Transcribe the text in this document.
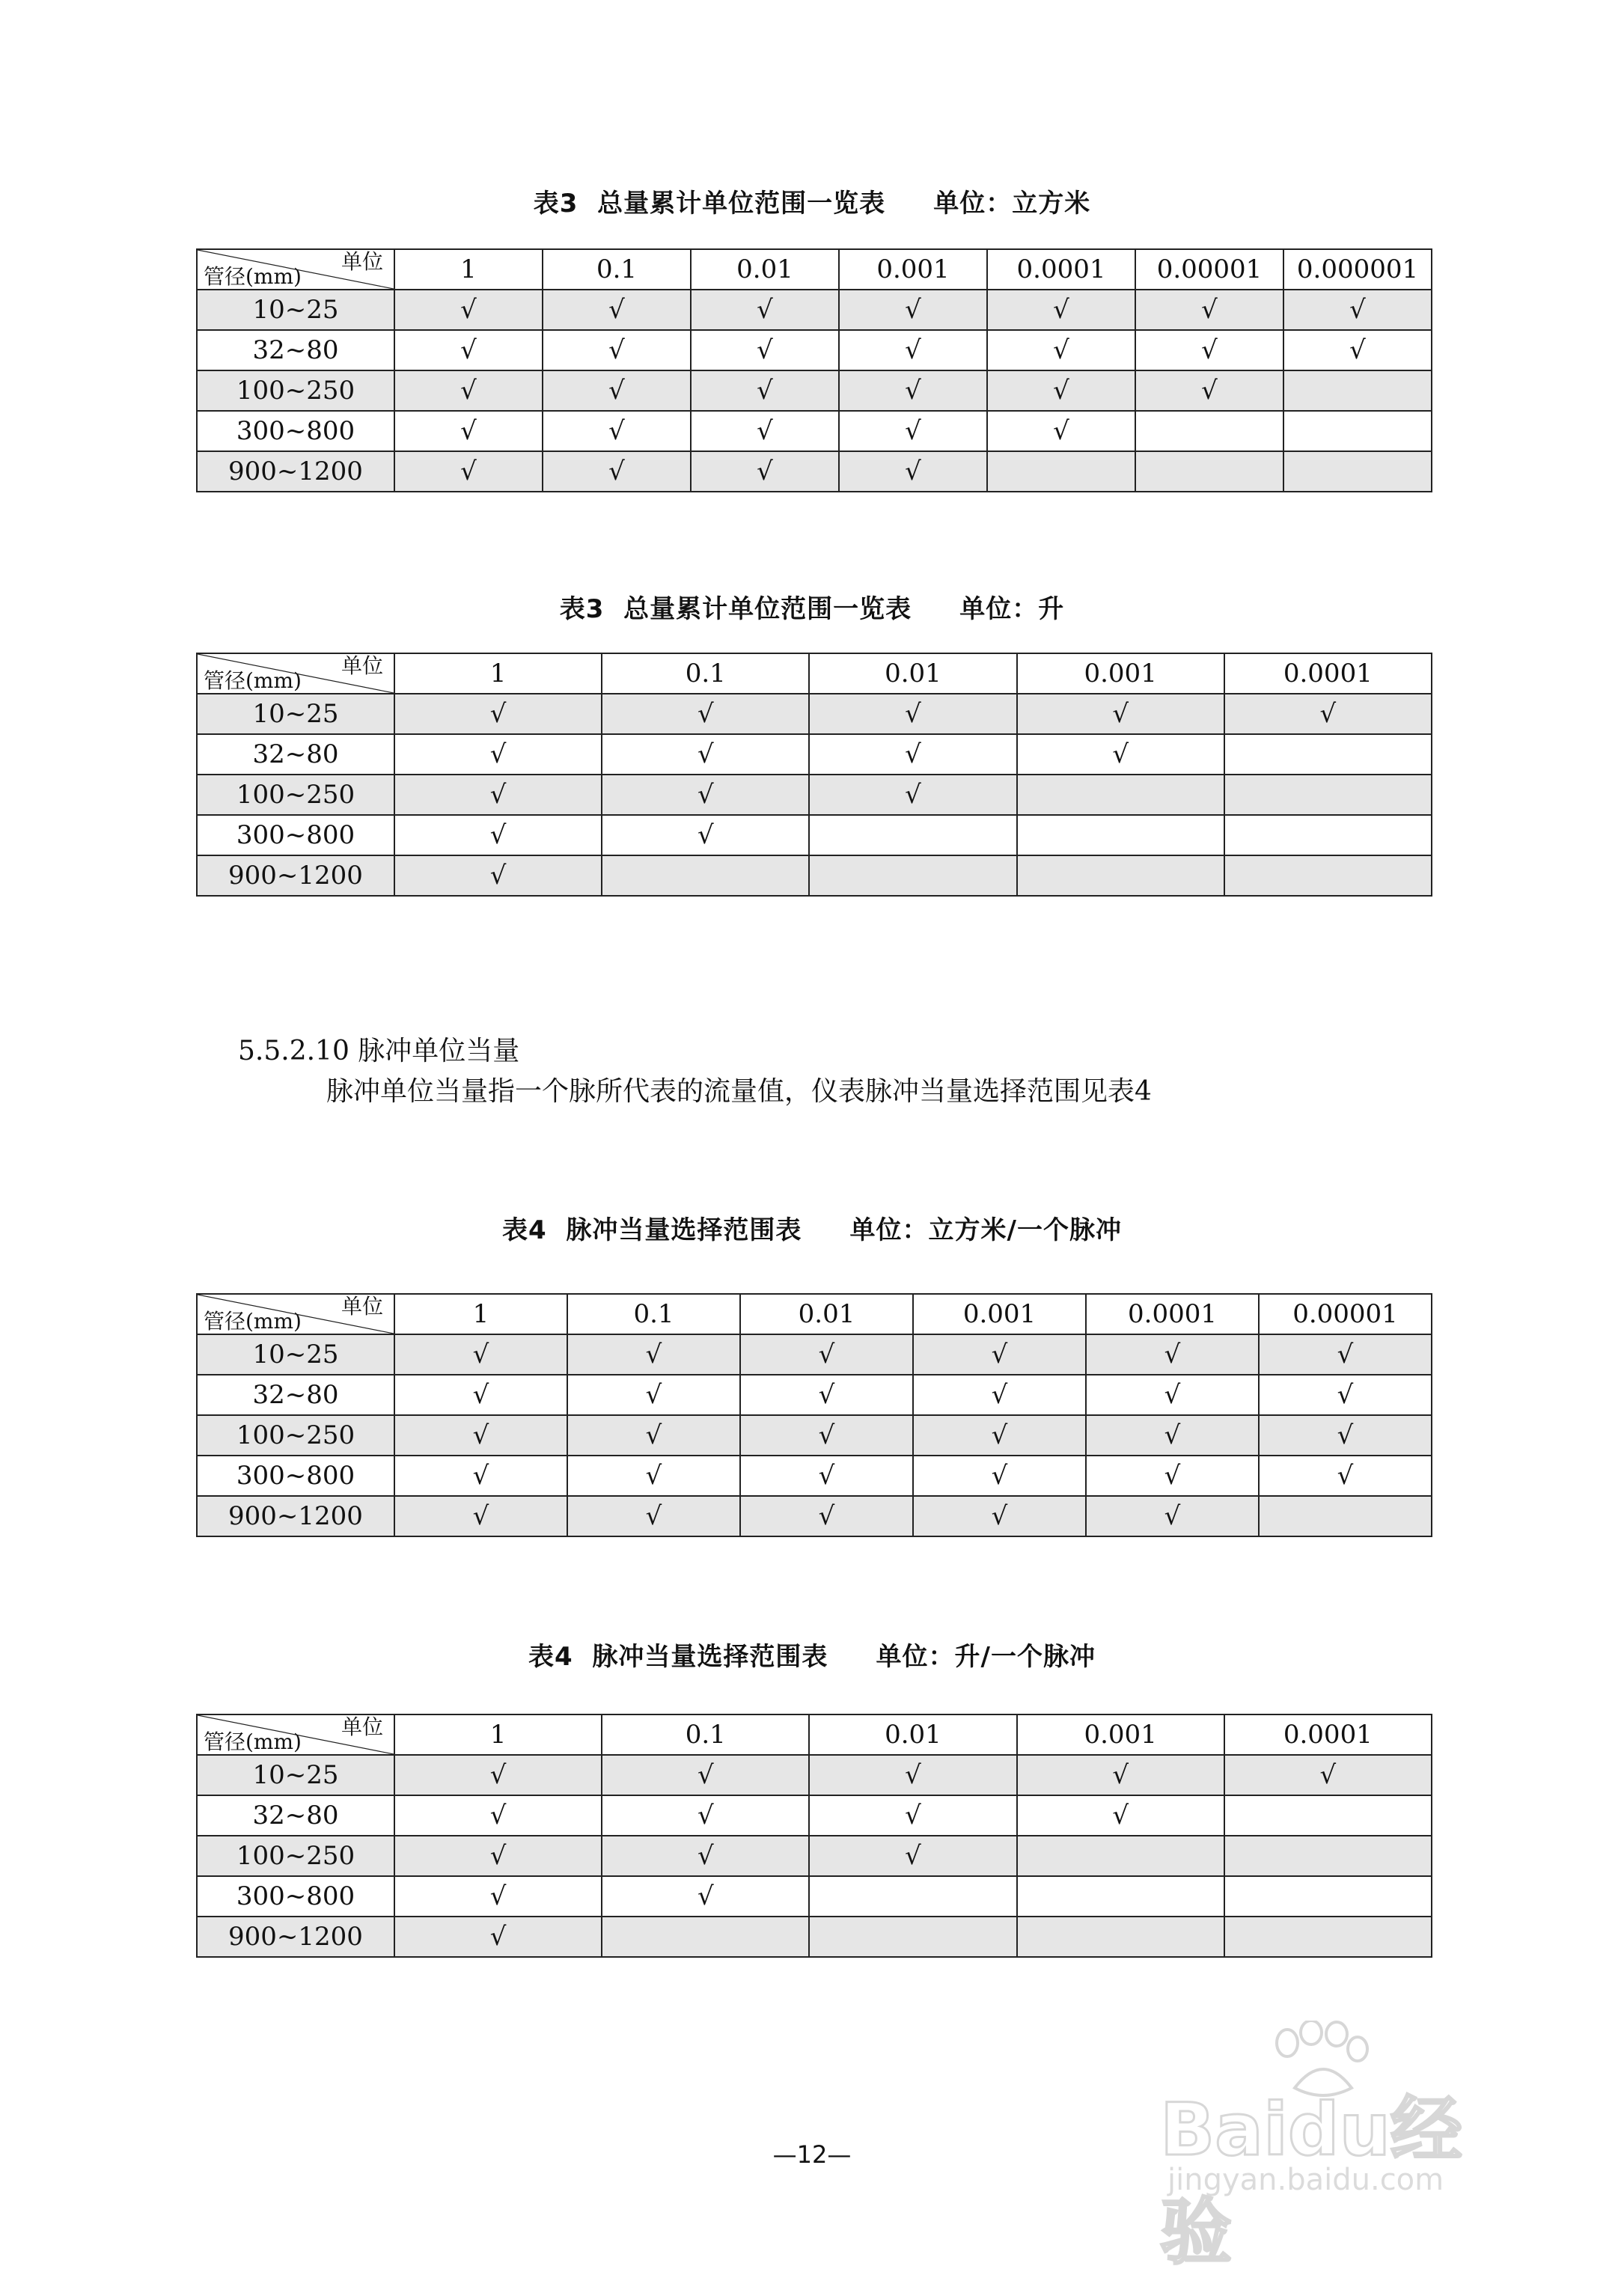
表3  总量累计单位范围一览表     单位：立方米
单位
管径(mm)	1	0.1	0.01	0.001	0.0001	0.00001	0.000001
10~25	√	√	√	√	√	√	√
32~80	√	√	√	√	√	√	√
100~250	√	√	√	√	√	√	
300~800	√	√	√	√	√		
900~1200	√	√	√	√			
表3  总量累计单位范围一览表     单位：升
单位
管径(mm)	1	0.1	0.01	0.001	0.0001
10~25	√	√	√	√	√
32~80	√	√	√	√	
100~250	√	√	√		
300~800	√	√			
900~1200	√				
5.5.2.10 脉冲单位当量
脉冲单位当量指一个脉所代表的流量值，仪表脉冲当量选择范围见表4
表4  脉冲当量选择范围表     单位：立方米/一个脉冲
单位
管径(mm)	1	0.1	0.01	0.001	0.0001	0.00001
10~25	√	√	√	√	√	√
32~80	√	√	√	√	√	√
100~250	√	√	√	√	√	√
300~800	√	√	√	√	√	√
900~1200	√	√	√	√	√	
表4  脉冲当量选择范围表     单位：升/一个脉冲
单位
管径(mm)	1	0.1	0.01	0.001	0.0001
10~25	√	√	√	√	√
32~80	√	√	√	√	
100~250	√	√	√		
300~800	√	√			
900~1200	√				
—12—	Baidu经验
jingyan.baidu.com
